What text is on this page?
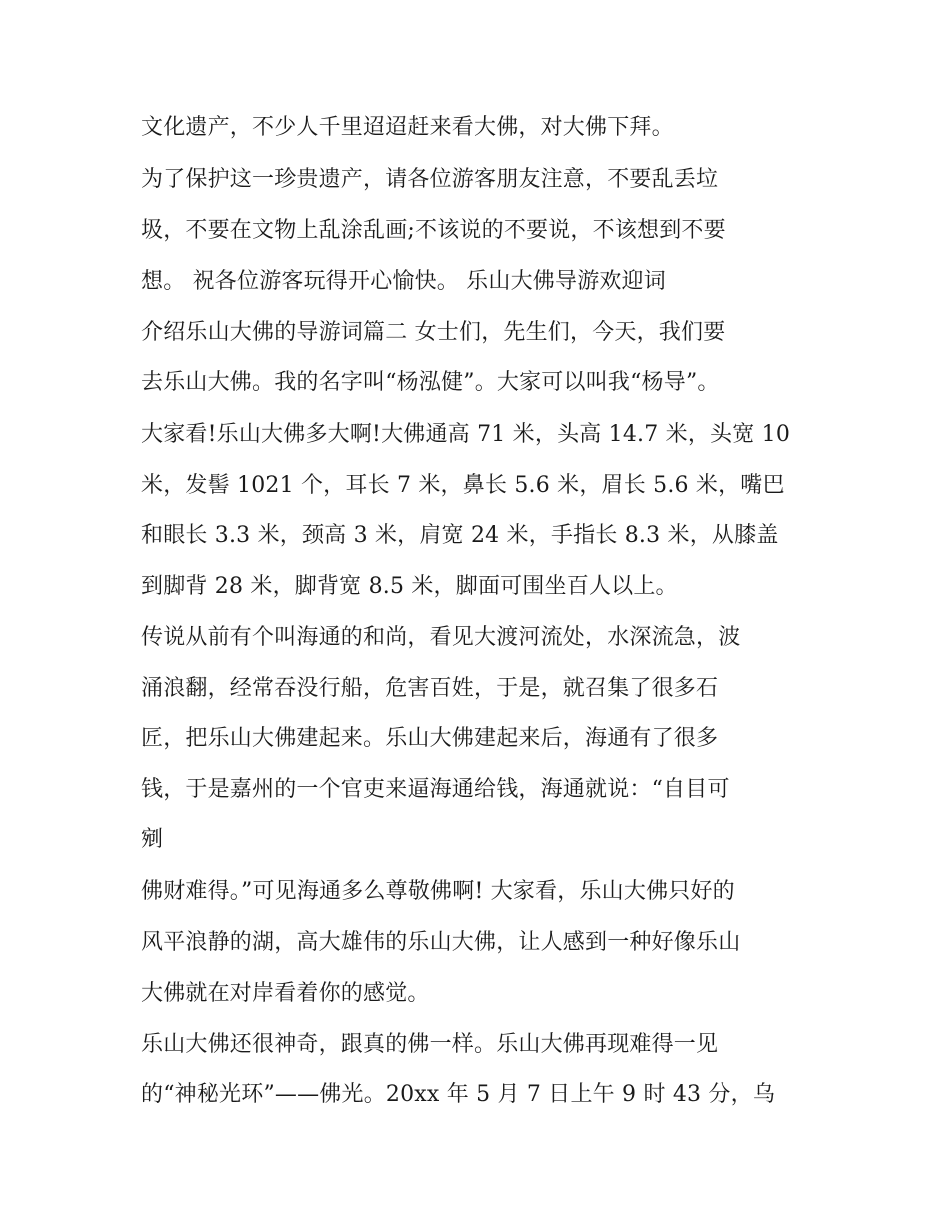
文化遗产，不少人千里迢迢赶来看大佛，对大佛下拜。
为了保护这一珍贵遗产，请各位游客朋友注意，不要乱丢垃
圾，不要在文物上乱涂乱画;不该说的不要说，不该想到不要
想。 祝各位游客玩得开心愉快。 乐山大佛导游欢迎词
介绍乐山大佛的导游词篇二 女士们，先生们，今天，我们要
去乐山大佛。我的名字叫“杨泓健”。大家可以叫我“杨导”。
大家看!乐山大佛多大啊!大佛通高 71 米，头高 14.7 米，头宽 10
米，发髻 1021 个，耳长 7 米，鼻长 5.6 米，眉长 5.6 米，嘴巴
和眼长 3.3 米，颈高 3 米，肩宽 24 米，手指长 8.3 米，从膝盖
到脚背 28 米，脚背宽 8.5 米，脚面可围坐百人以上。
传说从前有个叫海通的和尚，看见大渡河流处，水深流急，波
涌浪翻，经常吞没行船，危害百姓，于是，就召集了很多石
匠，把乐山大佛建起来。乐山大佛建起来后，海通有了很多
钱，于是嘉州的一个官吏来逼海通给钱，海通就说：“自目可
剜
佛财难得。”可见海通多么尊敬佛啊! 大家看，乐山大佛只好的
风平浪静的湖，高大雄伟的乐山大佛，让人感到一种好像乐山
大佛就在对岸看着你的感觉。
乐山大佛还很神奇，跟真的佛一样。乐山大佛再现难得一见
的“神秘光环”——佛光。20xx 年 5 月 7 日上午 9 时 43 分，乌
